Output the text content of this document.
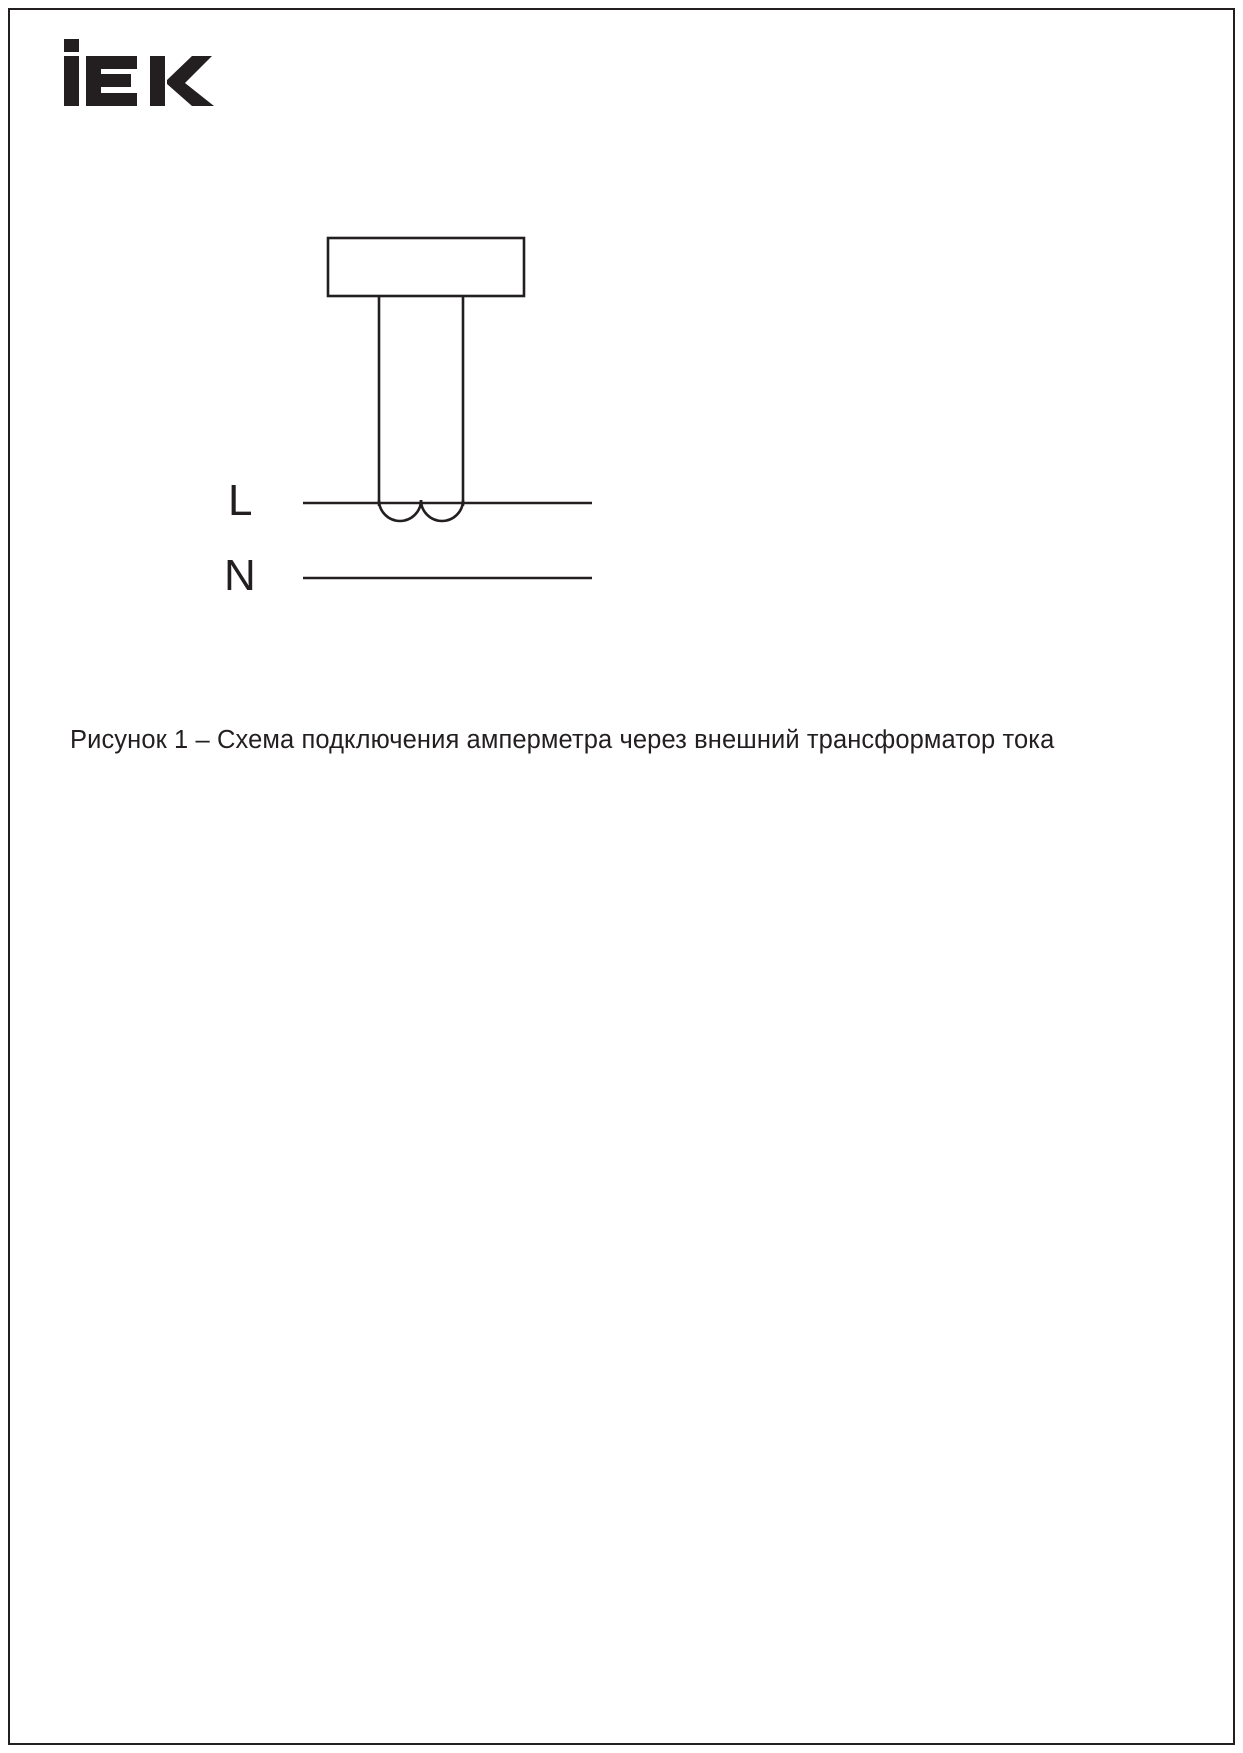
L
N
Рисунок 1 – Схема подключения амперметра через внешний трансформатор тока
